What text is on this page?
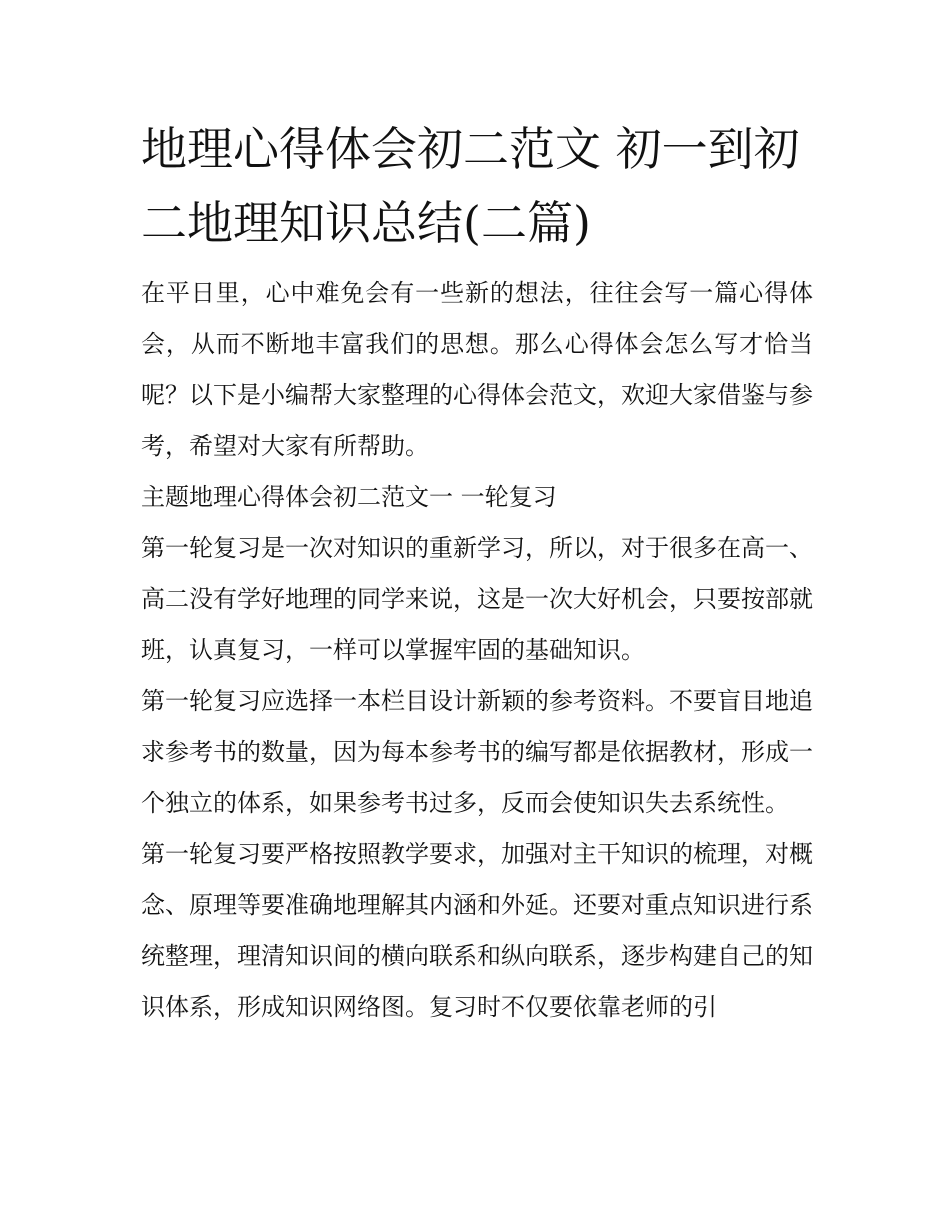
地理心得体会初二范文 初一到初二地理知识总结(二篇)

在平日里，心中难免会有一些新的想法，往往会写一篇心得体会，从而不断地丰富我们的思想。那么心得体会怎么写才恰当呢？以下是小编帮大家整理的心得体会范文，欢迎大家借鉴与参考，希望对大家有所帮助。

主题地理心得体会初二范文一 一轮复习

第一轮复习是一次对知识的重新学习，所以，对于很多在高一、高二没有学好地理的同学来说，这是一次大好机会，只要按部就班，认真复习，一样可以掌握牢固的基础知识。

第一轮复习应选择一本栏目设计新颖的参考资料。不要盲目地追求参考书的数量，因为每本参考书的编写都是依据教材，形成一个独立的体系，如果参考书过多，反而会使知识失去系统性。

第一轮复习要严格按照教学要求，加强对主干知识的梳理，对概念、原理等要准确地理解其内涵和外延。还要对重点知识进行系统整理，理清知识间的横向联系和纵向联系，逐步构建自己的知识体系，形成知识网络图。复习时不仅要依靠老师的引
